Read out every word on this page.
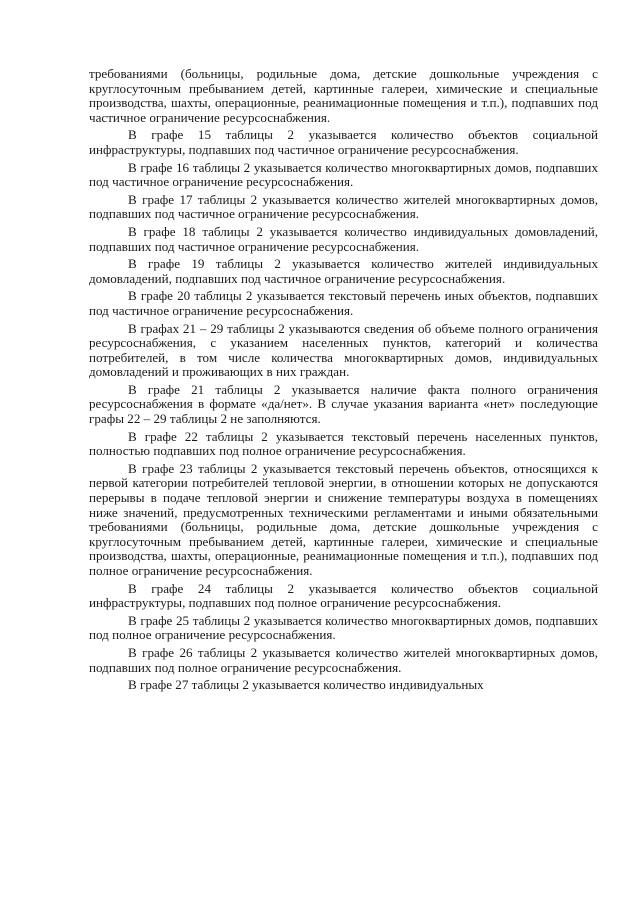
требованиями (больницы, родильные дома, детские дошкольные учреждения с круглосуточным пребыванием детей, картинные галереи, химические и специальные производства, шахты, операционные, реанимационные помещения и т.п.), подпавших под частичное ограничение ресурсоснабжения.

В графе 15 таблицы 2 указывается количество объектов социальной инфраструктуры, подпавших под частичное ограничение ресурсоснабжения.

В графе 16 таблицы 2 указывается количество многоквартирных домов, подпавших под частичное ограничение ресурсоснабжения.

В графе 17 таблицы 2 указывается количество жителей многоквартирных домов, подпавших под частичное ограничение ресурсоснабжения.

В графе 18 таблицы 2 указывается количество индивидуальных домовладений, подпавших под частичное ограничение ресурсоснабжения.

В графе 19 таблицы 2 указывается количество жителей индивидуальных домовладений, подпавших под частичное ограничение ресурсоснабжения.

В графе 20 таблицы 2 указывается текстовый перечень иных объектов, подпавших под частичное ограничение ресурсоснабжения.

В графах 21 – 29 таблицы 2 указываются сведения об объеме полного ограничения ресурсоснабжения, с указанием населенных пунктов, категорий и количества потребителей, в том числе количества многоквартирных домов, индивидуальных домовладений и проживающих в них граждан.

В графе 21 таблицы 2 указывается наличие факта полного ограничения ресурсоснабжения в формате «да/нет». В случае указания варианта «нет» последующие графы 22 – 29 таблицы 2 не заполняются.

В графе 22 таблицы 2 указывается текстовый перечень населенных пунктов, полностью подпавших под полное ограничение ресурсоснабжения.

В графе 23 таблицы 2 указывается текстовый перечень объектов, относящихся к первой категории потребителей тепловой энергии, в отношении которых не допускаются перерывы в подаче тепловой энергии и снижение температуры воздуха в помещениях ниже значений, предусмотренных техническими регламентами и иными обязательными требованиями (больницы, родильные дома, детские дошкольные учреждения с круглосуточным пребыванием детей, картинные галереи, химические и специальные производства, шахты, операционные, реанимационные помещения и т.п.), подпавших под полное ограничение ресурсоснабжения.

В графе 24 таблицы 2 указывается количество объектов социальной инфраструктуры, подпавших под полное ограничение ресурсоснабжения.

В графе 25 таблицы 2 указывается количество многоквартирных домов, подпавших под полное ограничение ресурсоснабжения.

В графе 26 таблицы 2 указывается количество жителей многоквартирных домов, подпавших под полное ограничение ресурсоснабжения.

В графе 27 таблицы 2 указывается количество индивидуальных
